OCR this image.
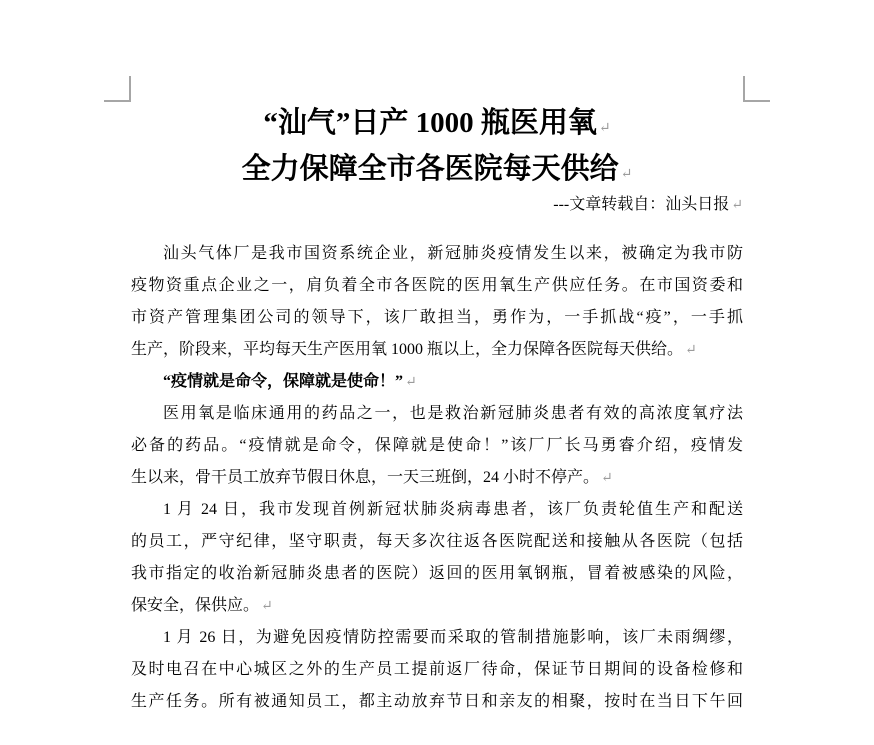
“汕气”日产 1000 瓶医用氧 ↵
全力保障全市各医院每天供给 ↵
---文章转载自：汕头日报 ↵
汕头气体厂是我市国资系统企业，新冠肺炎疫情发生以来，被确定为我市防
疫物资重点企业之一，肩负着全市各医院的医用氧生产供应任务。在市国资委和
市资产管理集团公司的领导下，该厂敢担当，勇作为，一手抓战“疫”，一手抓
生产，阶段来，平均每天生产医用氧 1000 瓶以上，全力保障各医院每天供给。 ↵
“疫情就是命令，保障就是使命！” ↵
医用氧是临床通用的药品之一，也是救治新冠肺炎患者有效的高浓度氧疗法
必备的药品。“疫情就是命令，保障就是使命！”该厂厂长马勇睿介绍，疫情发
生以来，骨干员工放弃节假日休息，一天三班倒，24 小时不停产。 ↵
1 月 24 日，我市发现首例新冠状肺炎病毒患者，该厂负责轮值生产和配送
的员工，严守纪律，坚守职责，每天多次往返各医院配送和接触从各医院（包括
我市指定的收治新冠肺炎患者的医院）返回的医用氧钢瓶，冒着被感染的风险，
保安全，保供应。 ↵
1 月 26 日，为避免因疫情防控需要而采取的管制措施影响，该厂未雨绸缪，
及时电召在中心城区之外的生产员工提前返厂待命，保证节日期间的设备检修和
生产任务。所有被通知员工，都主动放弃节日和亲友的相聚，按时在当日下午回
